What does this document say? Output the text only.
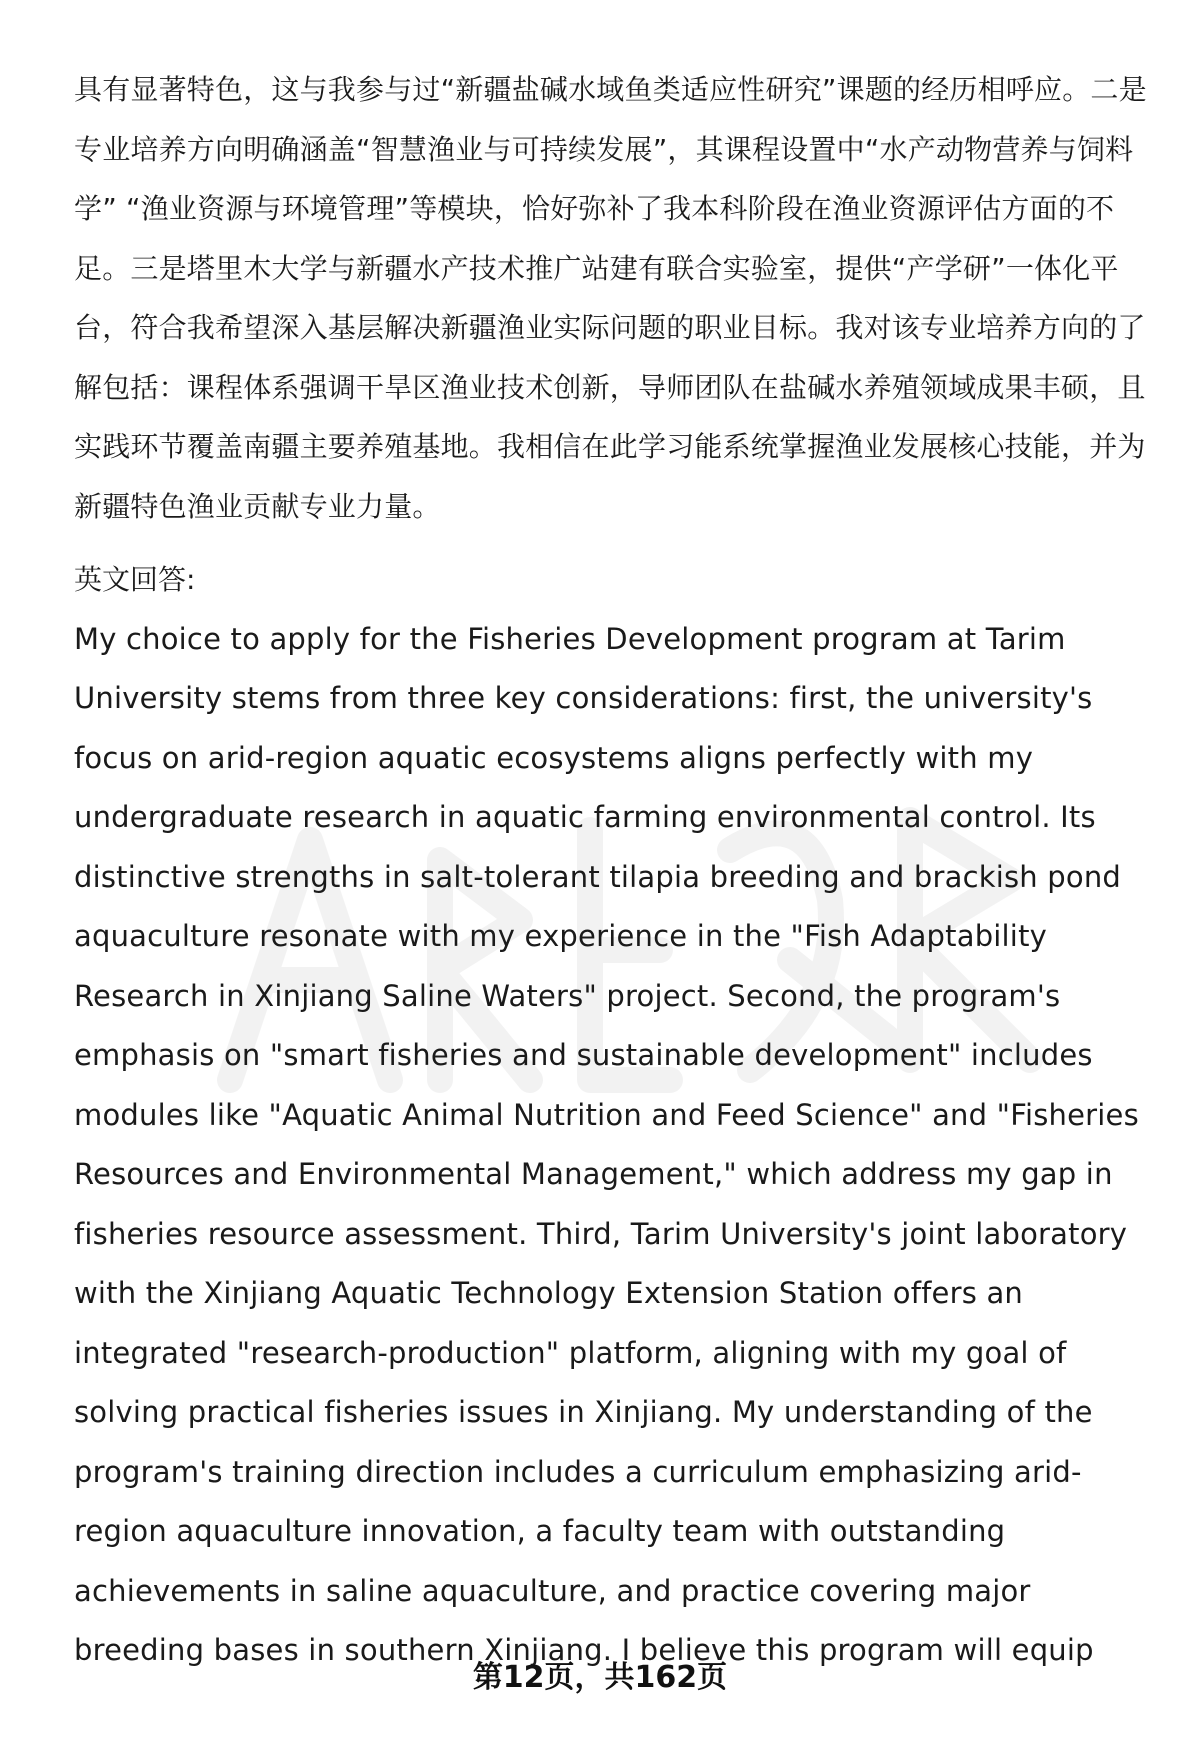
具有显著特色，这与我参与过“新疆盐碱水域鱼类适应性研究”课题的经历相呼应。二是专业培养方向明确涵盖“智慧渔业与可持续发展”，其课程设置中“水产动物营养与饲料学” “渔业资源与环境管理”等模块，恰好弥补了我本科阶段在渔业资源评估方面的不足。三是塔里木大学与新疆水产技术推广站建有联合实验室，提供“产学研”一体化平台，符合我希望深入基层解决新疆渔业实际问题的职业目标。我对该专业培养方向的了解包括：课程体系强调干旱区渔业技术创新，导师团队在盐碱水养殖领域成果丰硕，且实践环节覆盖南疆主要养殖基地。我相信在此学习能系统掌握渔业发展核心技能，并为新疆特色渔业贡献专业力量。

英文回答:

My choice to apply for the Fisheries Development program at Tarim University stems from three key considerations: first, the university's focus on arid-region aquatic ecosystems aligns perfectly with my undergraduate research in aquatic farming environmental control. Its distinctive strengths in salt-tolerant tilapia breeding and brackish pond aquaculture resonate with my experience in the "Fish Adaptability Research in Xinjiang Saline Waters" project. Second, the program's emphasis on "smart fisheries and sustainable development" includes modules like "Aquatic Animal Nutrition and Feed Science" and "Fisheries Resources and Environmental Management," which address my gap in fisheries resource assessment. Third, Tarim University's joint laboratory with the Xinjiang Aquatic Technology Extension Station offers an integrated "research-production" platform, aligning with my goal of solving practical fisheries issues in Xinjiang. My understanding of the program's training direction includes a curriculum emphasizing arid-region aquaculture innovation, a faculty team with outstanding achievements in saline aquaculture, and practice covering major breeding bases in southern Xinjiang. I believe this program will equip

第12页，共162页
